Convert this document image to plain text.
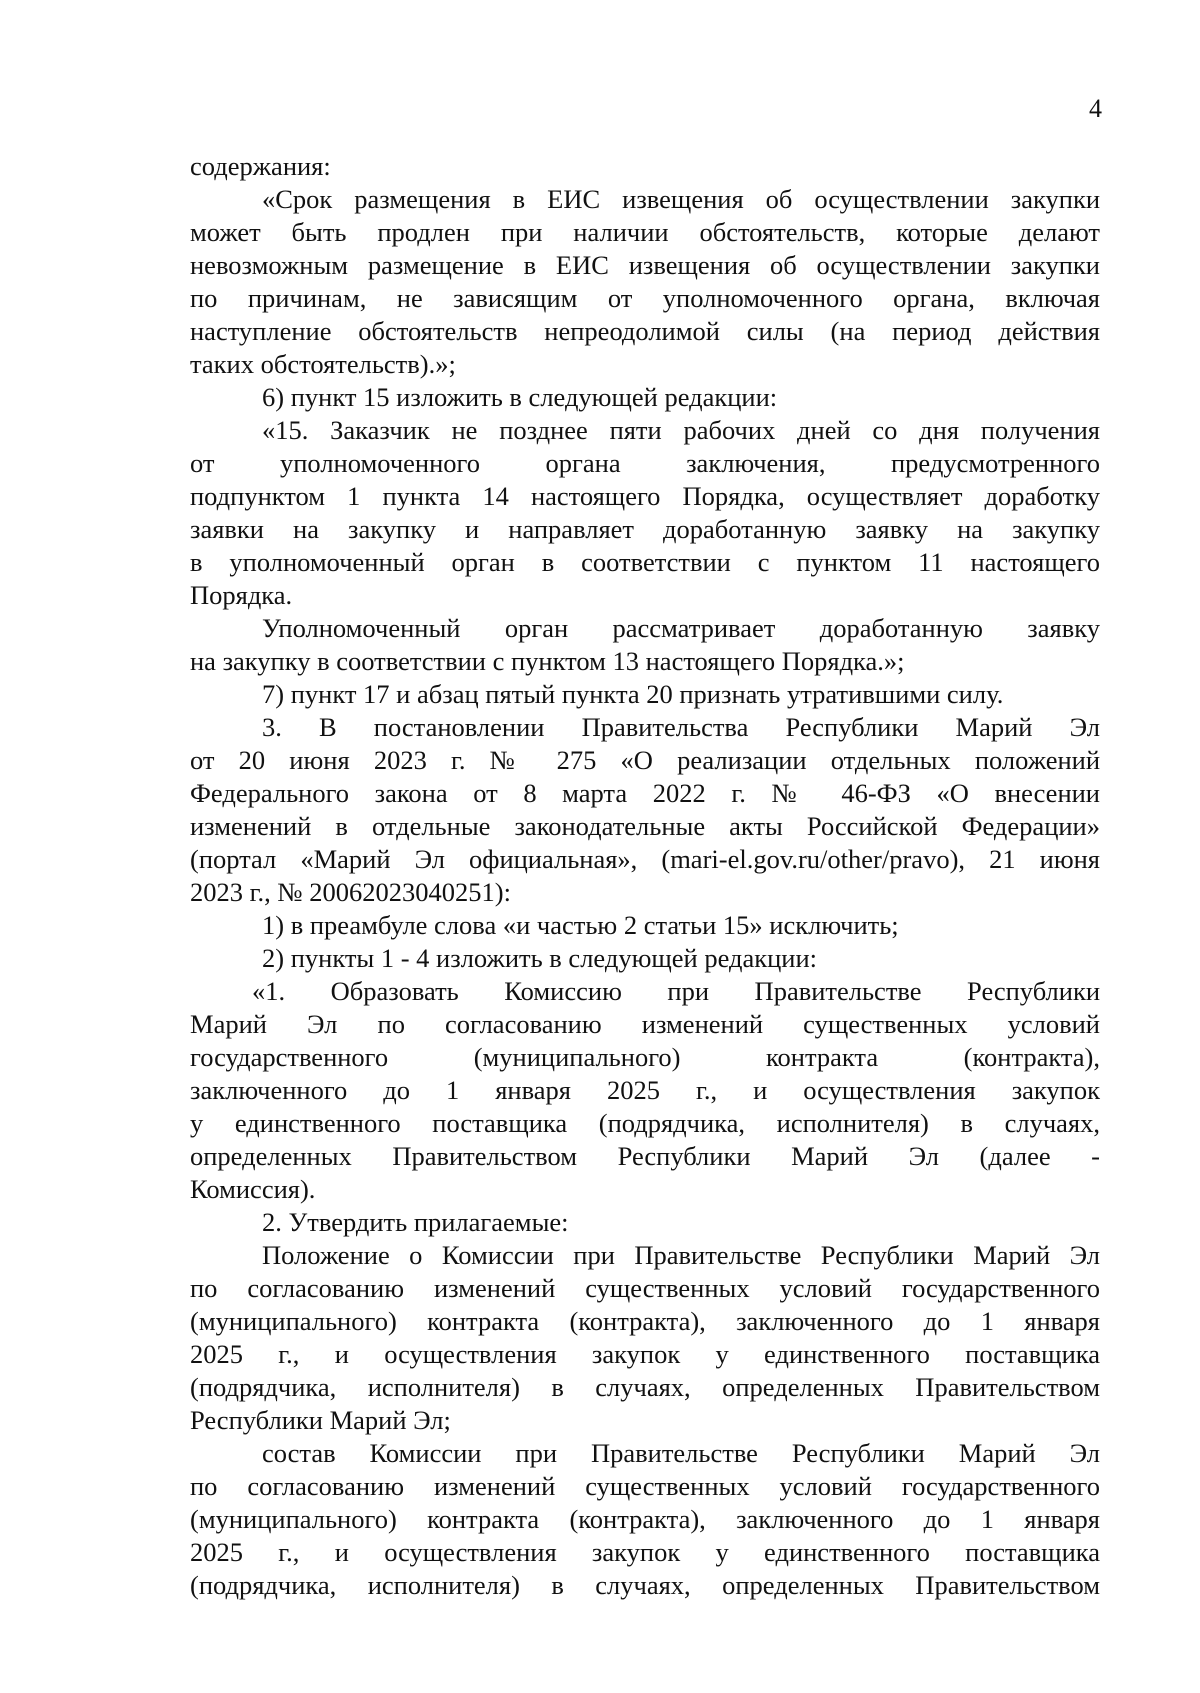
4
содержания:
«Срок размещения в ЕИС извещения об осуществлении закупки
может быть продлен при наличии обстоятельств, которые делают
невозможным размещение в ЕИС извещения об осуществлении закупки
по причинам, не зависящим от уполномоченного органа, включая
наступление обстоятельств непреодолимой силы (на период действия
таких обстоятельств).»;
6) пункт 15 изложить в следующей редакции:
«15. Заказчик не позднее пяти рабочих дней со дня получения
от уполномоченного органа заключения, предусмотренного
подпунктом 1 пункта 14 настоящего Порядка, осуществляет доработку
заявки на закупку и направляет доработанную заявку на закупку
в уполномоченный орган в соответствии с пунктом 11 настоящего
Порядка.
Уполномоченный орган рассматривает доработанную заявку
на закупку в соответствии с пунктом 13 настоящего Порядка.»;
7) пункт 17 и абзац пятый пункта 20 признать утратившими силу.
3. В постановлении Правительства Республики Марий Эл
от 20 июня 2023 г. № 275 «О реализации отдельных положений
Федерального закона от 8 марта 2022 г. № 46-ФЗ «О внесении
изменений в отдельные законодательные акты Российской Федерации»
(портал «Марий Эл официальная», (mari-el.gov.ru/other/pravo), 21 июня
2023 г., № 20062023040251):
1) в преамбуле слова «и частью 2 статьи 15» исключить;
2) пункты 1 - 4 изложить в следующей редакции:
«1. Образовать Комиссию при Правительстве Республики
Марий Эл по согласованию изменений существенных условий
государственного (муниципального) контракта (контракта),
заключенного до 1 января 2025 г., и осуществления закупок
у единственного поставщика (подрядчика, исполнителя) в случаях,
определенных Правительством Республики Марий Эл (далее -
Комиссия).
2. Утвердить прилагаемые:
Положение о Комиссии при Правительстве Республики Марий Эл
по согласованию изменений существенных условий государственного
(муниципального) контракта (контракта), заключенного до 1 января
2025 г., и осуществления закупок у единственного поставщика
(подрядчика, исполнителя) в случаях, определенных Правительством
Республики Марий Эл;
состав Комиссии при Правительстве Республики Марий Эл
по согласованию изменений существенных условий государственного
(муниципального) контракта (контракта), заключенного до 1 января
2025 г., и осуществления закупок у единственного поставщика
(подрядчика, исполнителя) в случаях, определенных Правительством
